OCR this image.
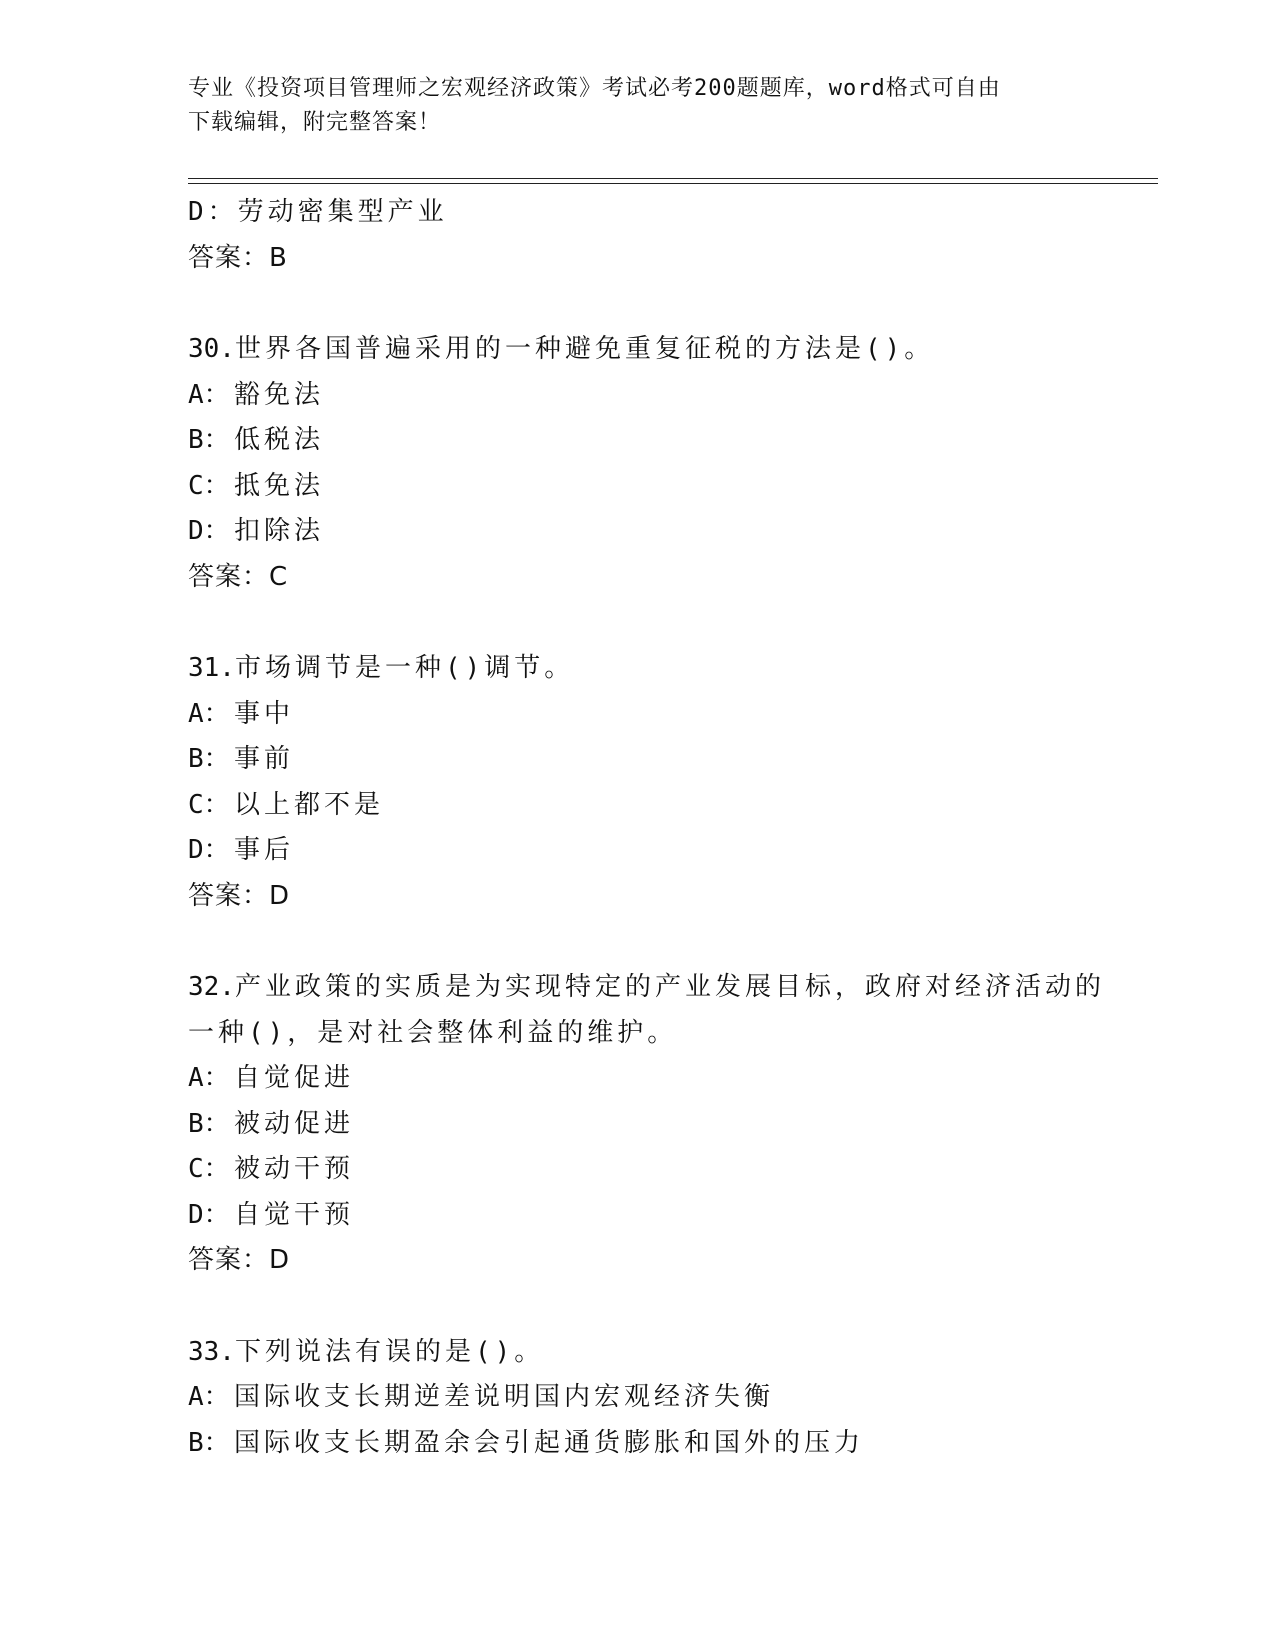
专业《投资项目管理师之宏观经济政策》考试必考200题题库，word格式可自由
下载编辑，附完整答案！
D：劳动密集型产业
答案：B
30.世界各国普遍采用的一种避免重复征税的方法是()。
A： 豁免法
B： 低税法
C： 抵免法
D： 扣除法
答案：C
31.市场调节是一种()调节。
A： 事中
B： 事前
C： 以上都不是
D： 事后
答案：D
32.产业政策的实质是为实现特定的产业发展目标，政府对经济活动的
一种()，是对社会整体利益的维护。
A： 自觉促进
B： 被动促进
C： 被动干预
D： 自觉干预
答案：D
33.下列说法有误的是()。
A： 国际收支长期逆差说明国内宏观经济失衡
B： 国际收支长期盈余会引起通货膨胀和国外的压力
